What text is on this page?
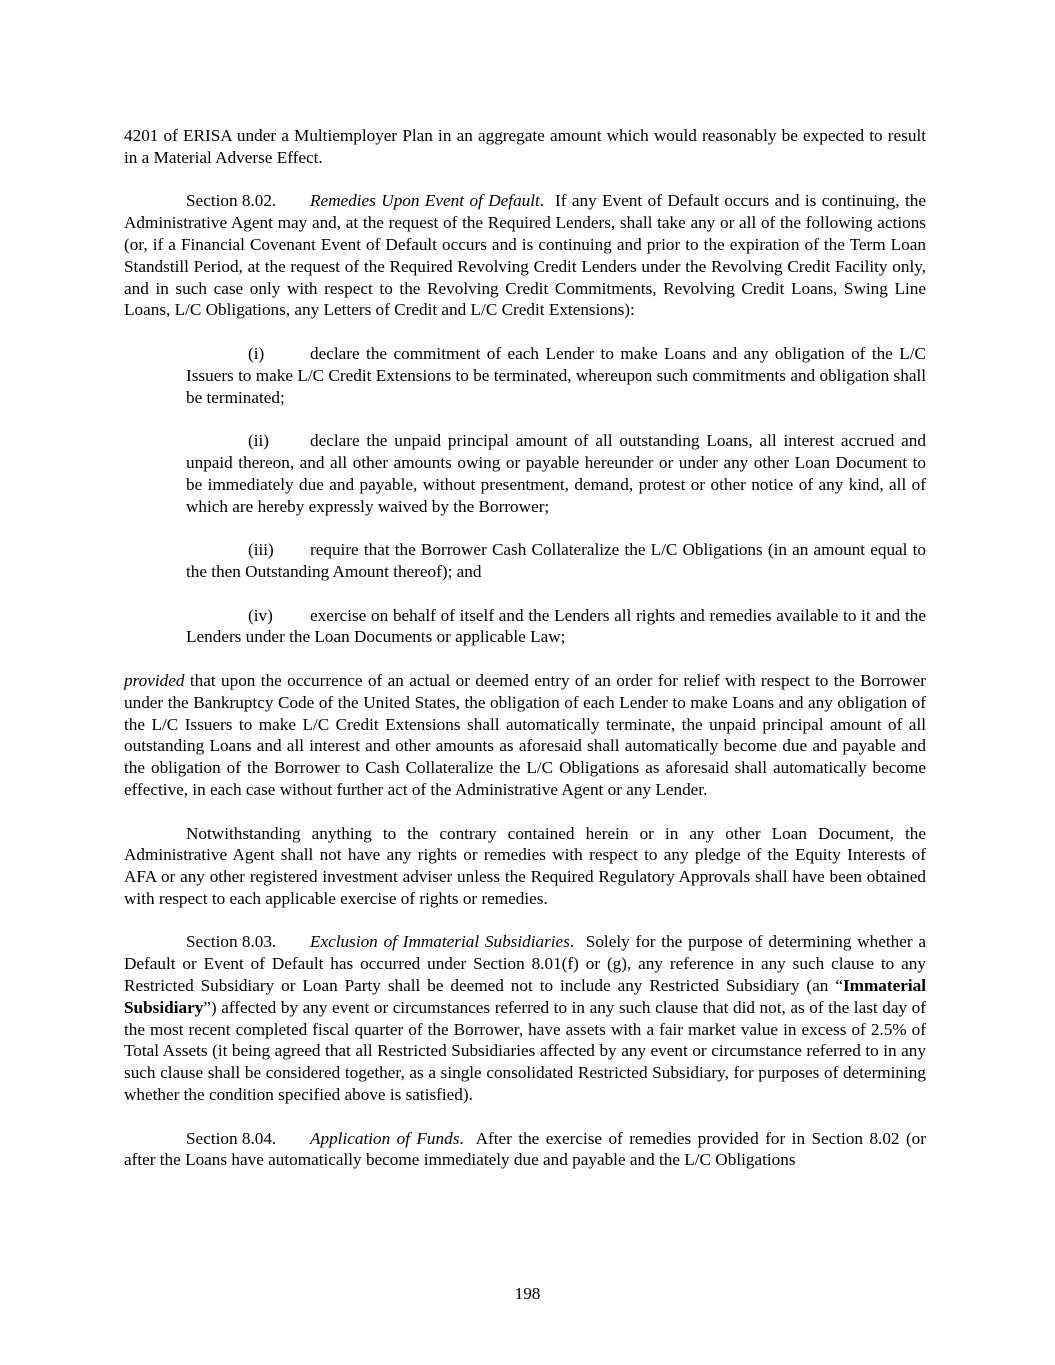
4201 of ERISA under a Multiemployer Plan in an aggregate amount which would reasonably be expected to result in a Material Adverse Effect.

Section 8.02. Remedies Upon Event of Default.  If any Event of Default occurs and is continuing, the Administrative Agent may and, at the request of the Required Lenders, shall take any or all of the following actions (or, if a Financial Covenant Event of Default occurs and is continuing and prior to the expiration of the Term Loan Standstill Period, at the request of the Required Revolving Credit Lenders under the Revolving Credit Facility only, and in such case only with respect to the Revolving Credit Commitments, Revolving Credit Loans, Swing Line Loans, L/C Obligations, any Letters of Credit and L/C Credit Extensions):

(i)	declare the commitment of each Lender to make Loans and any obligation of the L/C Issuers to make L/C Credit Extensions to be terminated, whereupon such commitments and obligation shall be terminated;

(ii) declare the unpaid principal amount of all outstanding Loans, all interest accrued and unpaid thereon, and all other amounts owing or payable hereunder or under any other Loan Document to be immediately due and payable, without presentment, demand, protest or other notice of any kind, all of which are hereby expressly waived by the Borrower;

(iii) require that the Borrower Cash Collateralize the L/C Obligations (in an amount equal to the then Outstanding Amount thereof); and

(iv) exercise on behalf of itself and the Lenders all rights and remedies available to it and the Lenders under the Loan Documents or applicable Law;

provided that upon the occurrence of an actual or deemed entry of an order for relief with respect to the Borrower under the Bankruptcy Code of the United States, the obligation of each Lender to make Loans and any obligation of the L/C Issuers to make L/C Credit Extensions shall automatically terminate, the unpaid principal amount of all outstanding Loans and all interest and other amounts as aforesaid shall automatically become due and payable and the obligation of the Borrower to Cash Collateralize the L/C Obligations as aforesaid shall automatically become effective, in each case without further act of the Administrative Agent or any Lender.

Notwithstanding anything to the contrary contained herein or in any other Loan Document, the Administrative Agent shall not have any rights or remedies with respect to any pledge of the Equity Interests of AFA or any other registered investment adviser unless the Required Regulatory Approvals shall have been obtained with respect to each applicable exercise of rights or remedies.

Section 8.03. Exclusion of Immaterial Subsidiaries.  Solely for the purpose of determining whether a Default or Event of Default has occurred under Section 8.01(f) or (g), any reference in any such clause to any Restricted Subsidiary or Loan Party shall be deemed not to include any Restricted Subsidiary (an “Immaterial Subsidiary”) affected by any event or circumstances referred to in any such clause that did not, as of the last day of the most recent completed fiscal quarter of the Borrower, have assets with a fair market value in excess of 2.5% of Total Assets (it being agreed that all Restricted Subsidiaries affected by any event or circumstance referred to in any such clause shall be considered together, as a single consolidated Restricted Subsidiary, for purposes of determining whether the condition specified above is satisfied).

Section 8.04. Application of Funds.  After the exercise of remedies provided for in Section 8.02 (or after the Loans have automatically become immediately due and payable and the L/C Obligations

198
